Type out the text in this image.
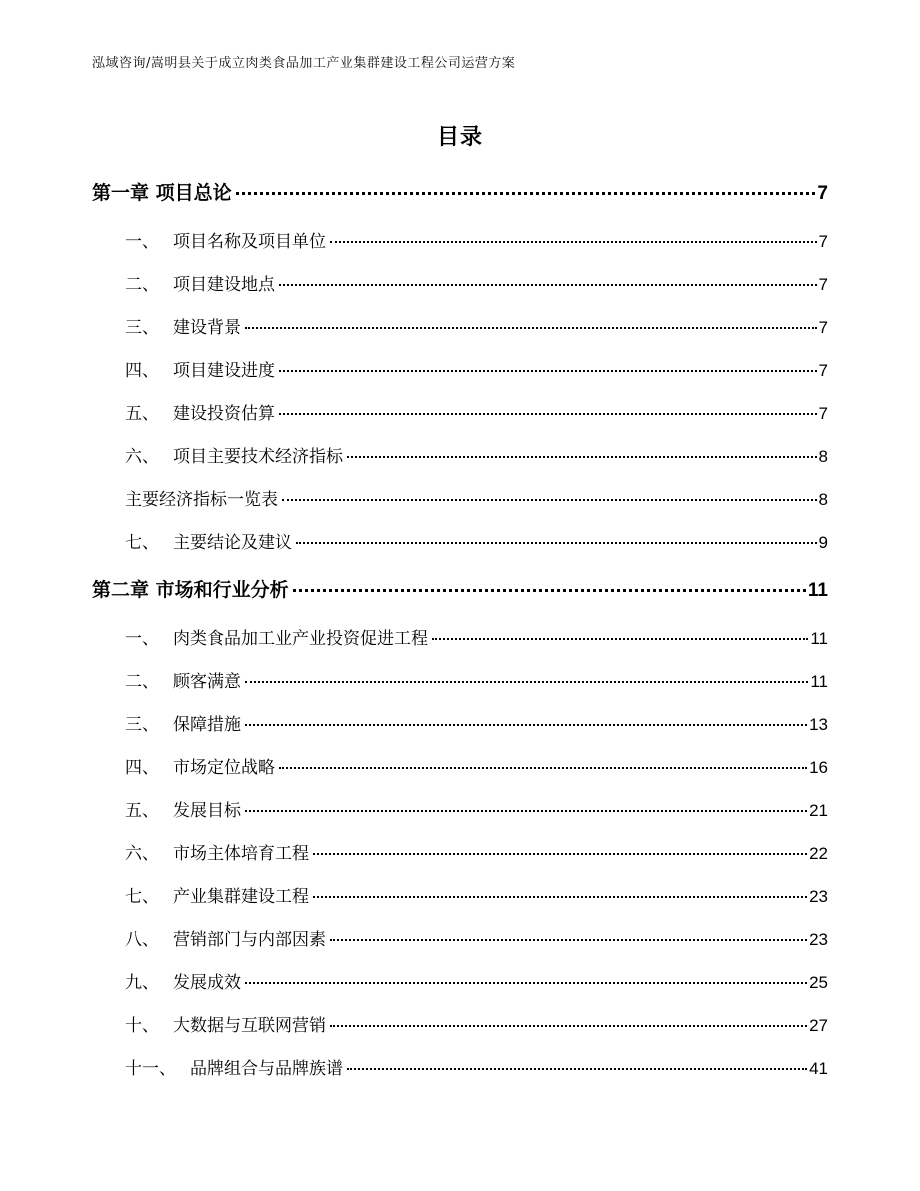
泓域咨询/嵩明县关于成立肉类食品加工产业集群建设工程公司运营方案
目录
第一章 项目总论	7
一、 项目名称及项目单位	7
二、 项目建设地点	7
三、 建设背景	7
四、 项目建设进度	7
五、 建设投资估算	7
六、 项目主要技术经济指标	8
主要经济指标一览表	8
七、 主要结论及建议	9
第二章 市场和行业分析	11
一、 肉类食品加工业产业投资促进工程	11
二、 顾客满意	11
三、 保障措施	13
四、 市场定位战略	16
五、 发展目标	21
六、 市场主体培育工程	22
七、 产业集群建设工程	23
八、 营销部门与内部因素	23
九、 发展成效	25
十、 大数据与互联网营销	27
十一、 品牌组合与品牌族谱	41
